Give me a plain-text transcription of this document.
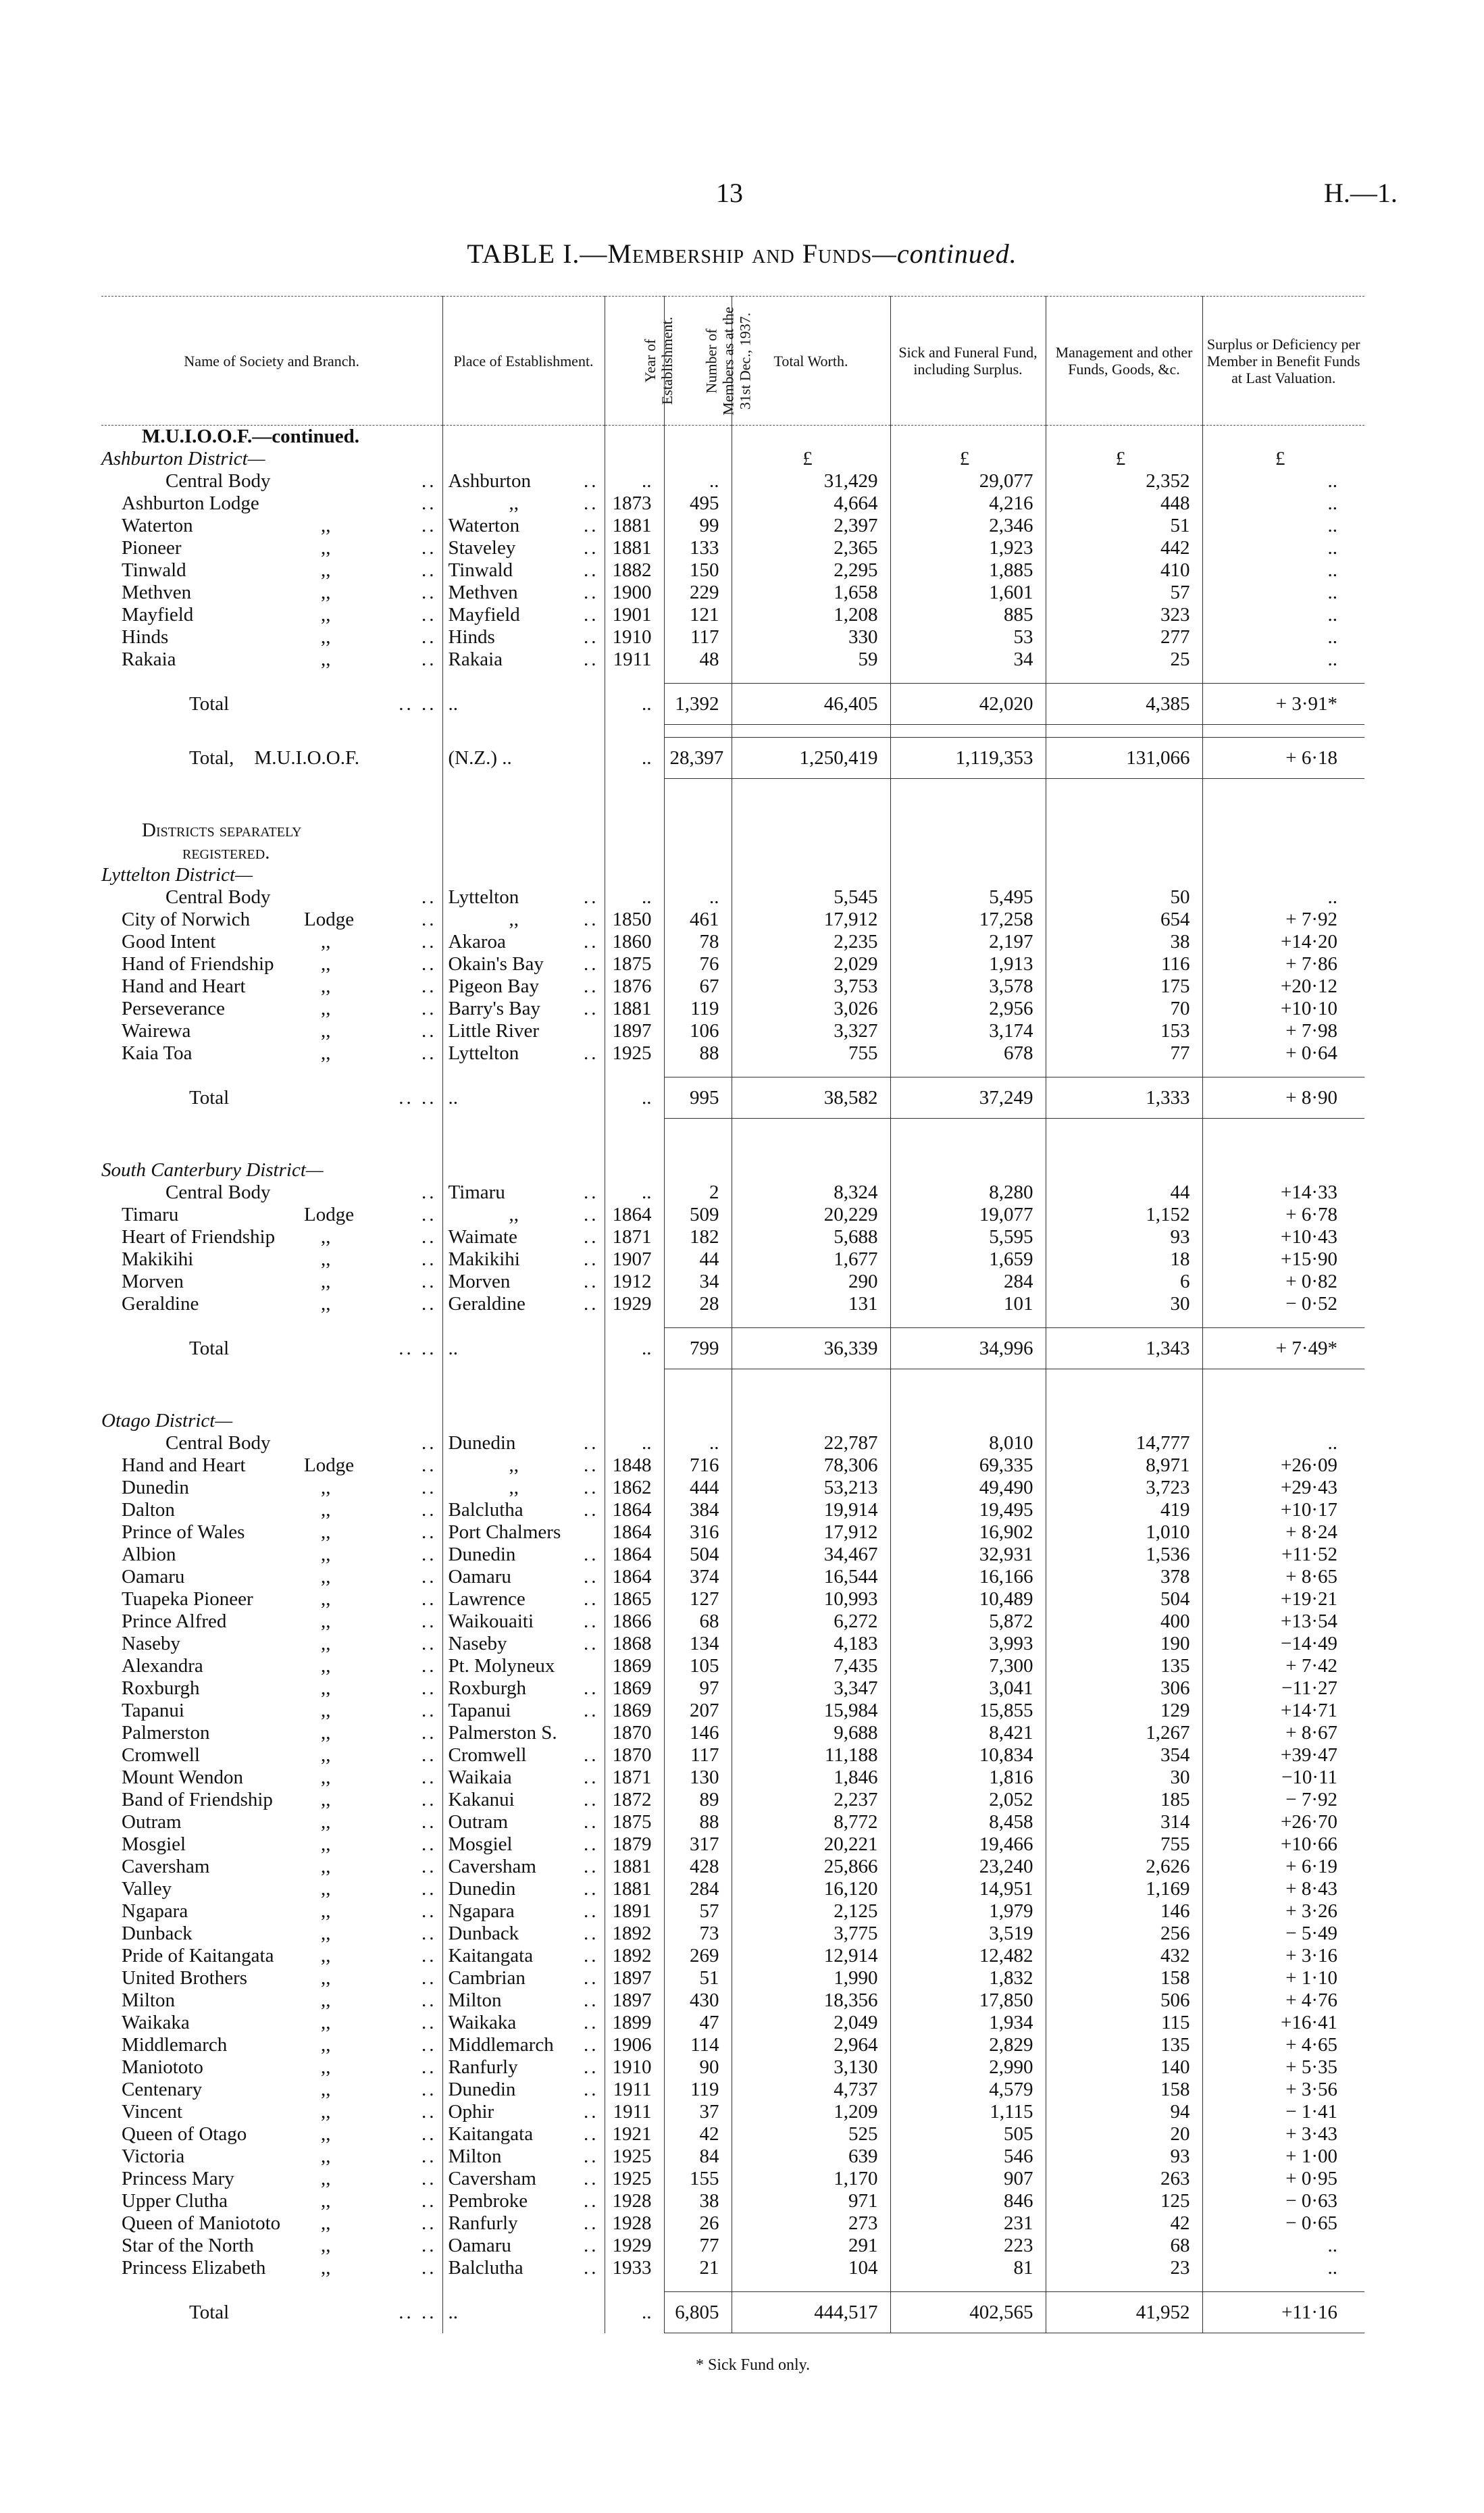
13	H.—1.
TABLE I.—Membership and Funds—continued.
Name of Society and Branch.	Place of Establishment.	Year of Establishment.	Number of Members as at the 31st Dec., 1937.	Total Worth.	Sick and Funeral Fund, including Surplus.	Management and other Funds, Goods, &c.	Surplus or Deficiency per Member in Benefit Funds at Last Valuation.
M.U.I.O.O.F.—continued.							
Ashburton District—				£	£	£	£
Central Body ..	Ashburton ..	..	..	31,429	29,077	2,352	..
Ashburton Lodge ..	,, ..	1873	495	4,664	4,216	448	..
Waterton ,, ..	Waterton ..	1881	99	2,397	2,346	51	..
Pioneer ,, ..	Staveley ..	1881	133	2,365	1,923	442	..
Tinwald ,, ..	Tinwald ..	1882	150	2,295	1,885	410	..
Methven ,, ..	Methven ..	1900	229	1,658	1,601	57	..
Mayfield ,, ..	Mayfield ..	1901	121	1,208	885	323	..
Hinds ,, ..	Hinds ..	1910	117	330	53	277	..
Rakaia ,, ..	Rakaia ..	1911	48	59	34	25	..

Total .. ..	..	..	1,392	46,405	42,020	4,385	+ 3·91*

Total, M.U.I.O.O.F.	(N.Z.) ..	..	28,397	1,250,419	1,119,353	131,066	+ 6·18

Districts separately							
registered.							
Lyttelton District—							
Central Body ..	Lyttelton ..	..	..	5,545	5,495	50	..
City of Norwich Lodge ..	,, ..	1850	461	17,912	17,258	654	+ 7·92
Good Intent ,, ..	Akaroa ..	1860	78	2,235	2,197	38	+14·20
Hand of Friendship ,, ..	Okain's Bay ..	1875	76	2,029	1,913	116	+ 7·86
Hand and Heart ,, ..	Pigeon Bay ..	1876	67	3,753	3,578	175	+20·12
Perseverance ,, ..	Barry's Bay ..	1881	119	3,026	2,956	70	+10·10
Wairewa ,, ..	Little River	1897	106	3,327	3,174	153	+ 7·98
Kaia Toa ,, ..	Lyttelton ..	1925	88	755	678	77	+ 0·64

Total .. ..	..	..	995	38,582	37,249	1,333	+ 8·90

South Canterbury District—							
Central Body ..	Timaru ..	..	2	8,324	8,280	44	+14·33
Timaru Lodge ..	,, ..	1864	509	20,229	19,077	1,152	+ 6·78
Heart of Friendship ,, ..	Waimate ..	1871	182	5,688	5,595	93	+10·43
Makikihi ,, ..	Makikihi ..	1907	44	1,677	1,659	18	+15·90
Morven ,, ..	Morven ..	1912	34	290	284	6	+ 0·82
Geraldine ,, ..	Geraldine ..	1929	28	131	101	30	− 0·52

Total .. ..	..	..	799	36,339	34,996	1,343	+ 7·49*

Otago District—							
Central Body ..	Dunedin ..	..	..	22,787	8,010	14,777	..
Hand and Heart Lodge ..	,, ..	1848	716	78,306	69,335	8,971	+26·09
Dunedin ,, ..	,, ..	1862	444	53,213	49,490	3,723	+29·43
Dalton ,, ..	Balclutha ..	1864	384	19,914	19,495	419	+10·17
Prince of Wales ,, ..	Port Chalmers	1864	316	17,912	16,902	1,010	+ 8·24
Albion ,, ..	Dunedin ..	1864	504	34,467	32,931	1,536	+11·52
Oamaru ,, ..	Oamaru ..	1864	374	16,544	16,166	378	+ 8·65
Tuapeka Pioneer ,, ..	Lawrence ..	1865	127	10,993	10,489	504	+19·21
Prince Alfred ,, ..	Waikouaiti ..	1866	68	6,272	5,872	400	+13·54
Naseby ,, ..	Naseby ..	1868	134	4,183	3,993	190	−14·49
Alexandra ,, ..	Pt. Molyneux	1869	105	7,435	7,300	135	+ 7·42
Roxburgh ,, ..	Roxburgh ..	1869	97	3,347	3,041	306	−11·27
Tapanui ,, ..	Tapanui ..	1869	207	15,984	15,855	129	+14·71
Palmerston ,, ..	Palmerston S.	1870	146	9,688	8,421	1,267	+ 8·67
Cromwell ,, ..	Cromwell ..	1870	117	11,188	10,834	354	+39·47
Mount Wendon ,, ..	Waikaia ..	1871	130	1,846	1,816	30	−10·11
Band of Friendship ,, ..	Kakanui ..	1872	89	2,237	2,052	185	− 7·92
Outram ,, ..	Outram ..	1875	88	8,772	8,458	314	+26·70
Mosgiel ,, ..	Mosgiel ..	1879	317	20,221	19,466	755	+10·66
Caversham ,, ..	Caversham ..	1881	428	25,866	23,240	2,626	+ 6·19
Valley ,, ..	Dunedin ..	1881	284	16,120	14,951	1,169	+ 8·43
Ngapara ,, ..	Ngapara ..	1891	57	2,125	1,979	146	+ 3·26
Dunback ,, ..	Dunback ..	1892	73	3,775	3,519	256	− 5·49
Pride of Kaitangata ,, ..	Kaitangata ..	1892	269	12,914	12,482	432	+ 3·16
United Brothers ,, ..	Cambrian ..	1897	51	1,990	1,832	158	+ 1·10
Milton ,, ..	Milton ..	1897	430	18,356	17,850	506	+ 4·76
Waikaka ,, ..	Waikaka ..	1899	47	2,049	1,934	115	+16·41
Middlemarch ,, ..	Middlemarch ..	1906	114	2,964	2,829	135	+ 4·65
Maniototo ,, ..	Ranfurly ..	1910	90	3,130	2,990	140	+ 5·35
Centenary ,, ..	Dunedin ..	1911	119	4,737	4,579	158	+ 3·56
Vincent ,, ..	Ophir ..	1911	37	1,209	1,115	94	− 1·41
Queen of Otago ,, ..	Kaitangata ..	1921	42	525	505	20	+ 3·43
Victoria ,, ..	Milton ..	1925	84	639	546	93	+ 1·00
Princess Mary ,, ..	Caversham ..	1925	155	1,170	907	263	+ 0·95
Upper Clutha ,, ..	Pembroke ..	1928	38	971	846	125	− 0·63
Queen of Maniototo ,, ..	Ranfurly ..	1928	26	273	231	42	− 0·65
Star of the North ,, ..	Oamaru ..	1929	77	291	223	68	..
Princess Elizabeth ,, ..	Balclutha ..	1933	21	104	81	23	..

Total .. ..	..	..	6,805	444,517	402,565	41,952	+11·16
* Sick Fund only.
